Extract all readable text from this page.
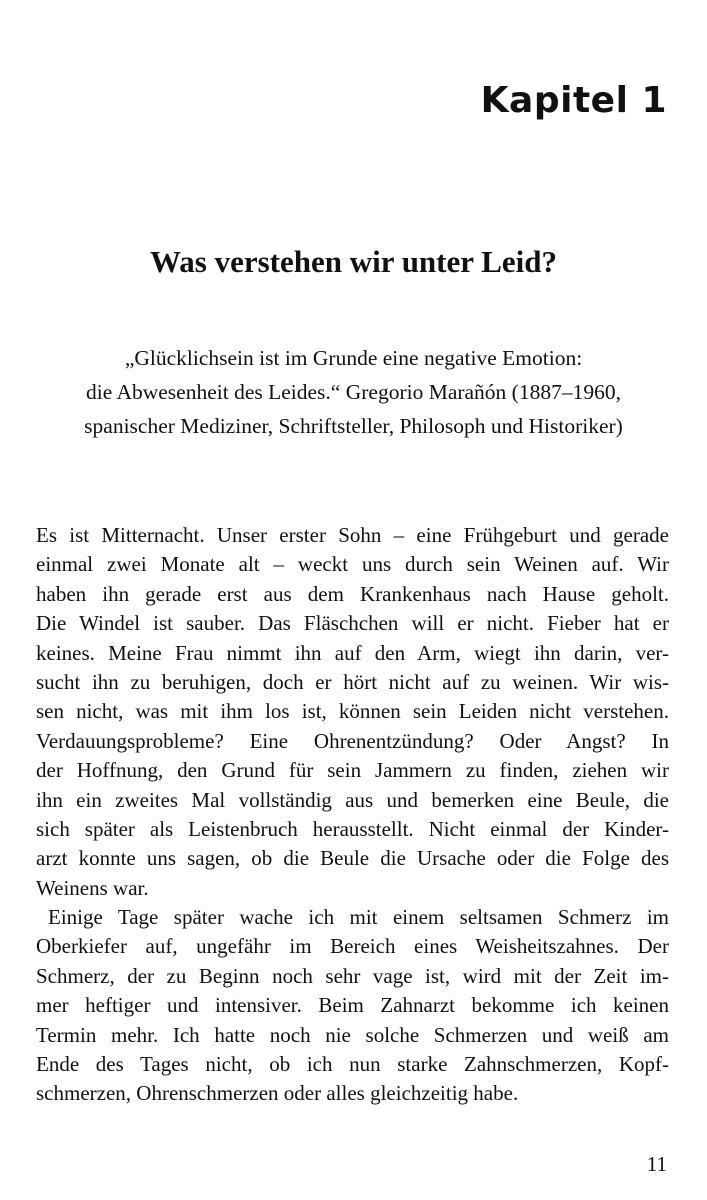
Kapitel 1
Was verstehen wir unter Leid?
„Glücklichsein ist im Grunde eine negative Emotion:
die Abwesenheit des Leides.“ Gregorio Marañón (1887–1960,
spanischer Mediziner, Schriftsteller, Philosoph und Historiker)
Es ist Mitternacht. Unser erster Sohn – eine Frühgeburt und gerade
einmal zwei Monate alt – weckt uns durch sein Weinen auf. Wir
haben ihn gerade erst aus dem Krankenhaus nach Hause geholt.
Die Windel ist sauber. Das Fläschchen will er nicht. Fieber hat er
keines. Meine Frau nimmt ihn auf den Arm, wiegt ihn darin, ver-
sucht ihn zu beruhigen, doch er hört nicht auf zu weinen. Wir wis-
sen nicht, was mit ihm los ist, können sein Leiden nicht verstehen.
Verdauungsprobleme? Eine Ohrenentzündung? Oder Angst? In
der Hoffnung, den Grund für sein Jammern zu finden, ziehen wir
ihn ein zweites Mal vollständig aus und bemerken eine Beule, die
sich später als Leistenbruch herausstellt. Nicht einmal der Kinder-
arzt konnte uns sagen, ob die Beule die Ursache oder die Folge des
Weinens war.
Einige Tage später wache ich mit einem seltsamen Schmerz im
Oberkiefer auf, ungefähr im Bereich eines Weisheitszahnes. Der
Schmerz, der zu Beginn noch sehr vage ist, wird mit der Zeit im-
mer heftiger und intensiver. Beim Zahnarzt bekomme ich keinen
Termin mehr. Ich hatte noch nie solche Schmerzen und weiß am
Ende des Tages nicht, ob ich nun starke Zahnschmerzen, Kopf-
schmerzen, Ohrenschmerzen oder alles gleichzeitig habe.
11
